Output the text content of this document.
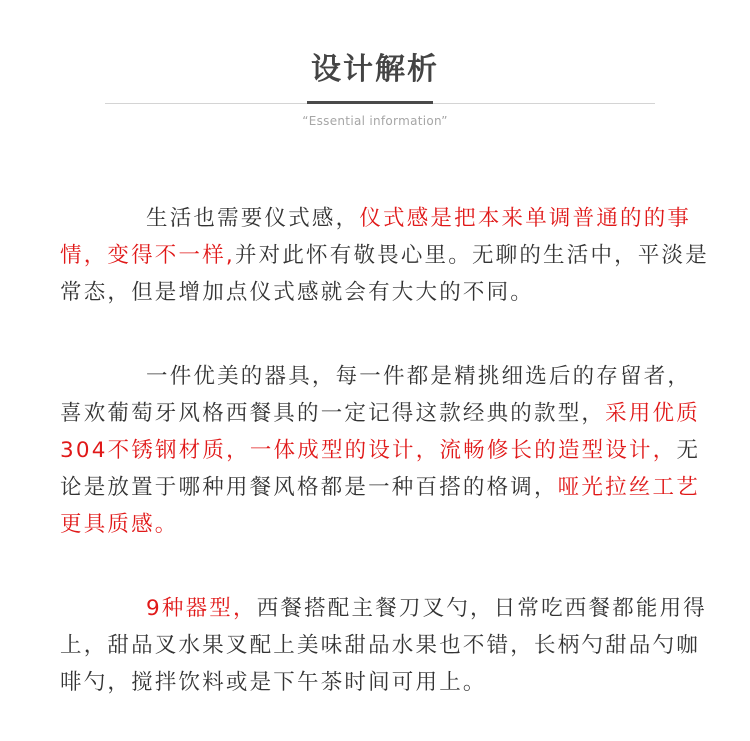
设计解析
“Essential information”

生活也需要仪式感，仪式感是把本来单调普通的的事情，变得不一样,并对此怀有敬畏心里。无聊的生活中，平淡是常态，但是增加点仪式感就会有大大的不同。

一件优美的器具，每一件都是精挑细选后的存留者，喜欢葡萄牙风格西餐具的一定记得这款经典的款型，采用优质304不锈钢材质，一体成型的设计，流畅修长的造型设计，无论是放置于哪种用餐风格都是一种百搭的格调，哑光拉丝工艺更具质感。

9种器型，西餐搭配主餐刀叉勺，日常吃西餐都能用得上，甜品叉水果叉配上美味甜品水果也不错，长柄勺甜品勺咖啡勺，搅拌饮料或是下午茶时间可用上。
